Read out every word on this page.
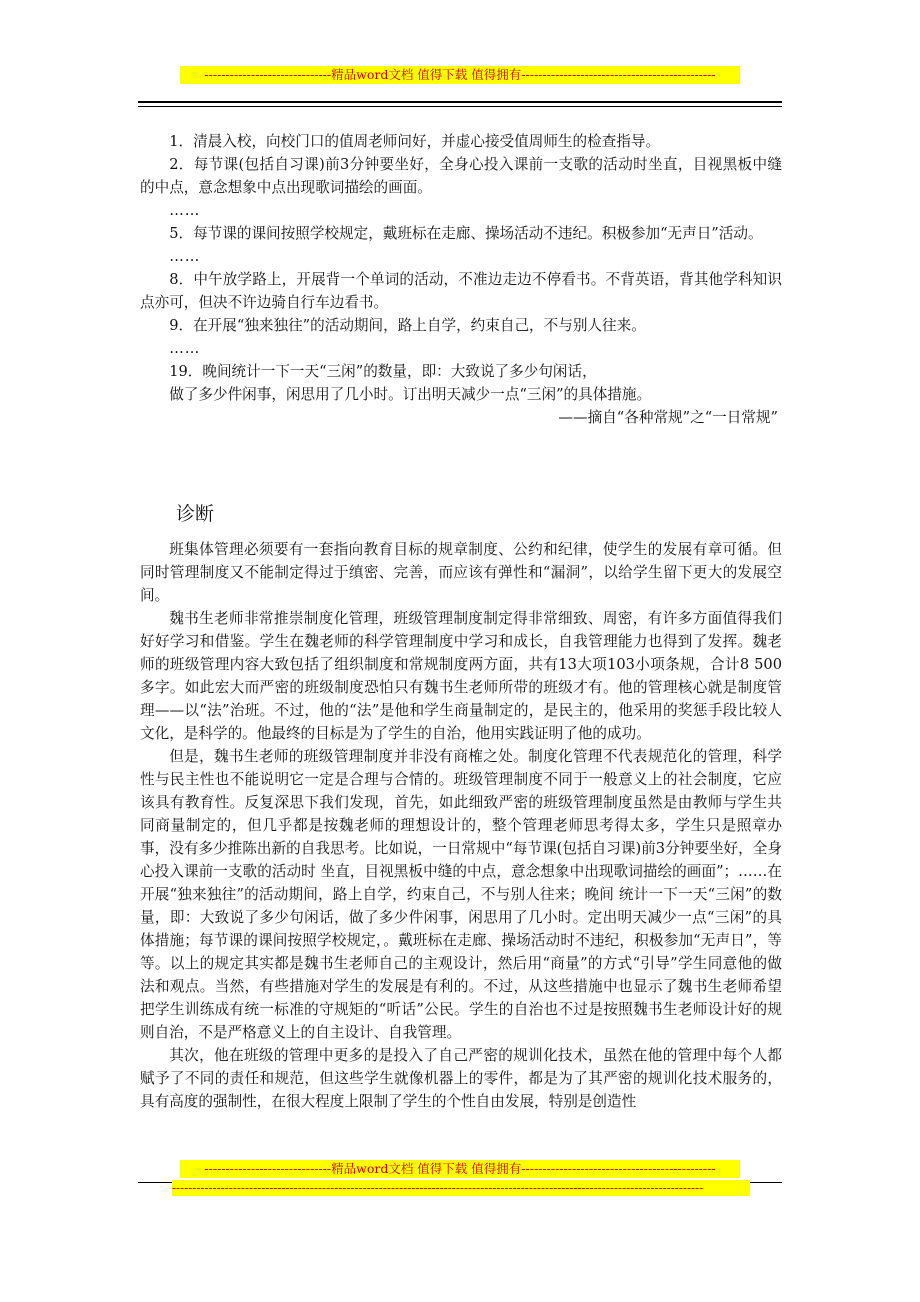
------------------------------精品word文档 值得下载 值得拥有----------------------------------------------

1．清晨入校，向校门口的值周老师问好，并虚心接受值周师生的检查指导。

2．每节课(包括自习课)前3分钟要坐好，全身心投入课前一支歌的活动时坐直，目视黑板中缝的中点，意念想象中点出现歌词描绘的画面。

……

5．每节课的课间按照学校规定，戴班标在走廊、操场活动不违纪。积极参加“无声日”活动。

……

8．中午放学路上，开展背一个单词的活动，不准边走边不停看书。不背英语，背其他学科知识点亦可，但决不许边骑自行车边看书。

9．在开展“独来独往”的活动期间，路上自学，约束自己，不与别人往来。

……

19．晚间统计一下一天“三闲”的数量，即：大致说了多少句闲话，

做了多少件闲事，闲思用了几小时。订出明天减少一点“三闲”的具体措施。

——摘自“各种常规”之“一日常规”

诊断

班集体管理必须要有一套指向教育目标的规章制度、公约和纪律，使学生的发展有章可循。但同时管理制度又不能制定得过于缜密、完善，而应该有弹性和“漏洞”，以给学生留下更大的发展空间。

魏书生老师非常推崇制度化管理，班级管理制度制定得非常细致、周密，有许多方面值得我们好好学习和借鉴。学生在魏老师的科学管理制度中学习和成长，自我管理能力也得到了发挥。魏老师的班级管理内容大致包括了组织制度和常规制度两方面，共有13大项103小项条规，合计8 500多字。如此宏大而严密的班级制度恐怕只有魏书生老师所带的班级才有。他的管理核心就是制度管理——以“法”治班。不过，他的“法”是他和学生商量制定的，是民主的，他采用的奖惩手段比较人文化，是科学的。他最终的目标是为了学生的自治，他用实践证明了他的成功。

但是，魏书生老师的班级管理制度并非没有商榷之处。制度化管理不代表规范化的管理，科学性与民主性也不能说明它一定是合理与合情的。班级管理制度不同于一般意义上的社会制度，它应该具有教育性。反复深思下我们发现，首先，如此细致严密的班级管理制度虽然是由教师与学生共同商量制定的，但几乎都是按魏老师的理想设计的，整个管理老师思考得太多，学生只是照章办事，没有多少推陈出新的自我思考。比如说，一日常规中“每节课(包括自习课)前3分钟要坐好，全身心投入课前一支歌的活动时 坐直，目视黑板中缝的中点，意念想象中出现歌词描绘的画面”；……在开展“独来独往”的活动期间，路上自学，约束自己，不与别人往来；晚间 统计一下一天“三闲”的数量，即：大致说了多少句闲话，做了多少件闲事，闲思用了几小时。定出明天减少一点“三闲”的具体措施；每节课的课间按照学校规定，。戴班标在走廊、操场活动时不违纪，积极参加“无声日”，等等。以上的规定其实都是魏书生老师自己的主观设计，然后用“商量”的方式“引导”学生同意他的做法和观点。当然，有些措施对学生的发展是有利的。不过，从这些措施中也显示了魏书生老师希望把学生训练成有统一标准的守规矩的“听话”公民。学生的自治也不过是按照魏书生老师设计好的规则自治，不是严格意义上的自主设计、自我管理。

其次，他在班级的管理中更多的是投入了自己严密的规训化技术，虽然在他的管理中每个人都赋予了不同的责任和规范，但这些学生就像机器上的零件，都是为了其严密的规训化技术服务的，具有高度的强制性，在很大程度上限制了学生的个性自由发展，特别是创造性

------------------------------精品word文档 值得下载 值得拥有----------------------------------------------
-----------------------------------------------------------------------------------------------------------------------------------
